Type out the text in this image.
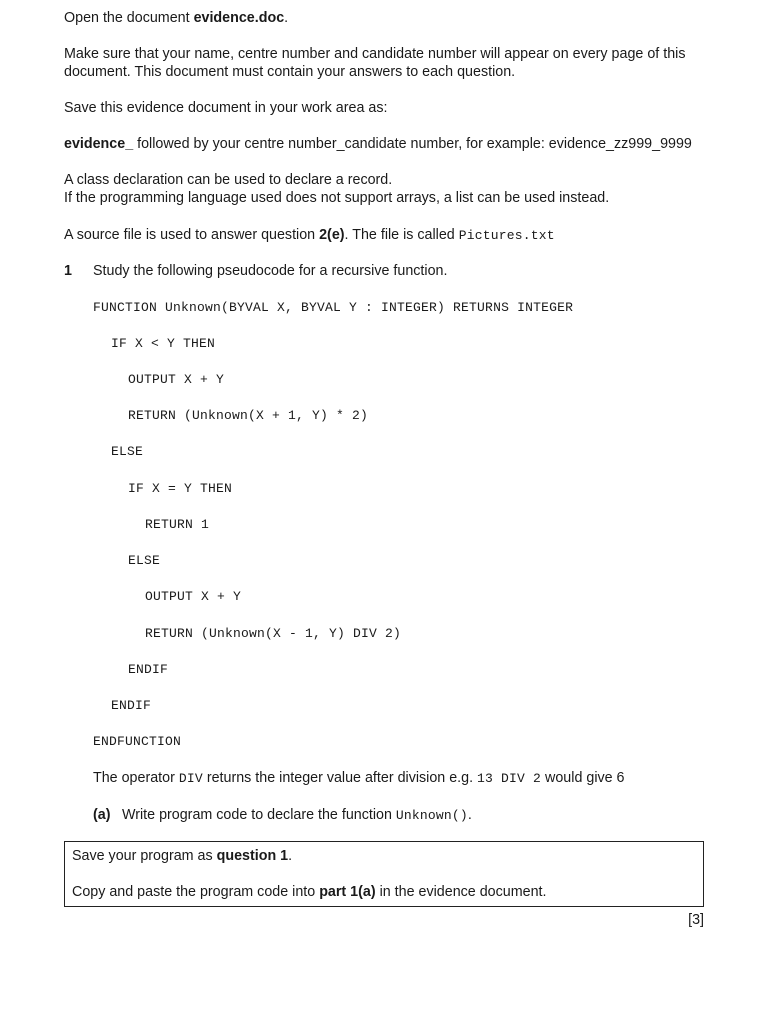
Open the document evidence.doc.

Make sure that your name, centre number and candidate number will appear on every page of this

document. This document must contain your answers to each question.

Save this evidence document in your work area as:

evidence_ followed by your centre number_candidate number, for example: evidence_zz999_9999

A class declaration can be used to declare a record.

If the programming language used does not support arrays, a list can be used instead.

A source file is used to answer question 2(e). The file is called Pictures.txt

1 Study the following pseudocode for a recursive function.

FUNCTION Unknown(BYVAL X, BYVAL Y : INTEGER) RETURNS INTEGER
IF X < Y THEN
OUTPUT X + Y
RETURN (Unknown(X + 1, Y) * 2)
ELSE
IF X = Y THEN
RETURN 1
ELSE
OUTPUT X + Y
RETURN (Unknown(X - 1, Y) DIV 2)
ENDIF
ENDIF
ENDFUNCTION

The operator DIV returns the integer value after division e.g. 13 DIV 2 would give 6

(a) Write program code to declare the function Unknown().

Save your program as question 1.

Copy and paste the program code into part 1(a) in the evidence document.

[3]
